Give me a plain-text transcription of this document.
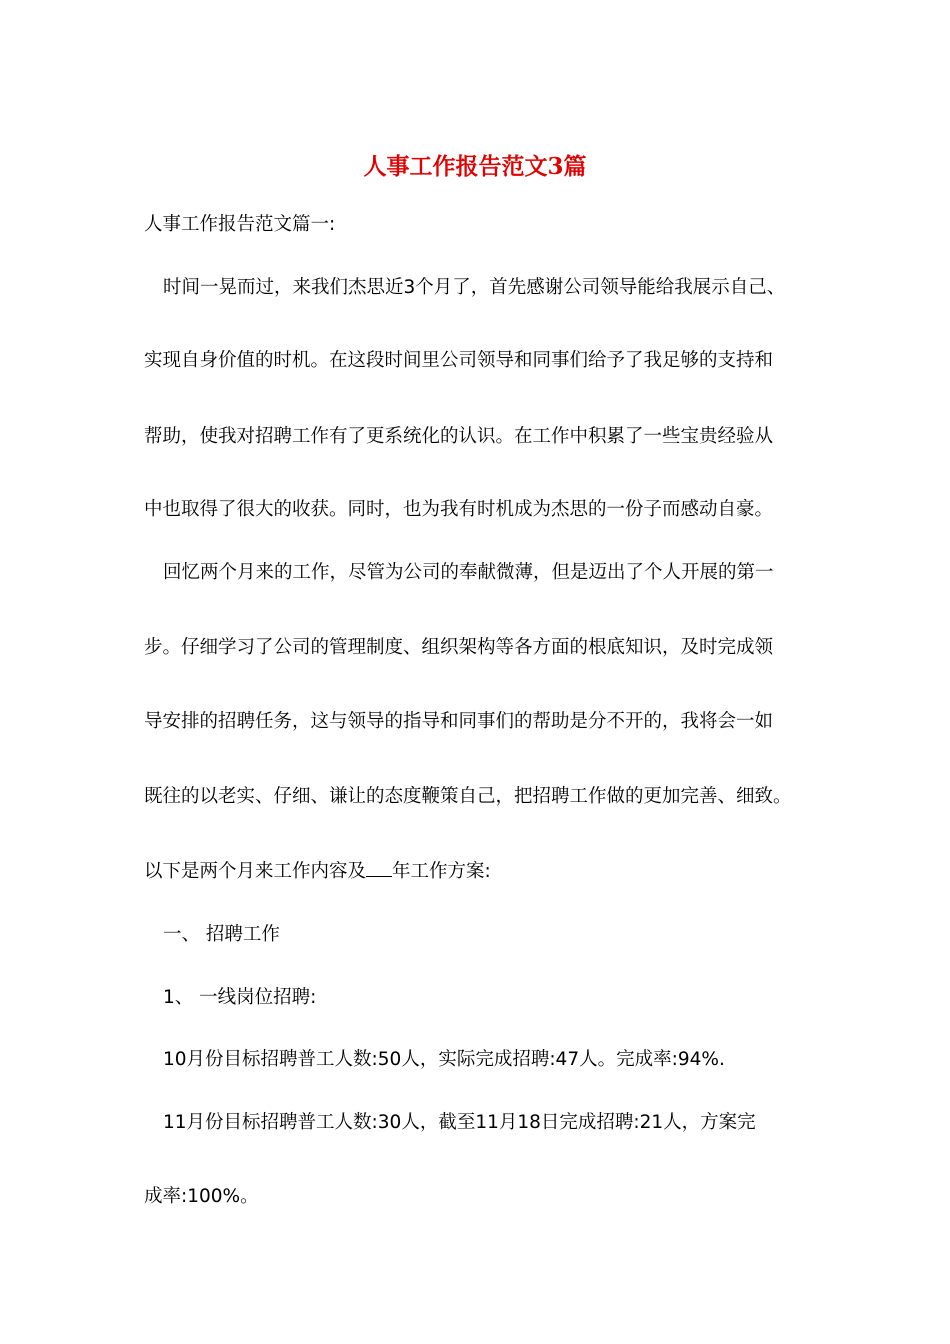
人事工作报告范文3篇
人事工作报告范文篇一:
时间一晃而过，来我们杰思近3个月了，首先感谢公司领导能给我展示自己、
实现自身价值的时机。在这段时间里公司领导和同事们给予了我足够的支持和
帮助，使我对招聘工作有了更系统化的认识。在工作中积累了一些宝贵经验从
中也取得了很大的收获。同时，也为我有时机成为杰思的一份子而感动自豪。
回忆两个月来的工作，尽管为公司的奉献微薄，但是迈出了个人开展的第一
步。仔细学习了公司的管理制度、组织架构等各方面的根底知识，及时完成领
导安排的招聘任务，这与领导的指导和同事们的帮助是分不开的，我将会一如
既往的以老实、仔细、谦让的态度鞭策自己，把招聘工作做的更加完善、细致。
以下是两个月来工作内容及 年工作方案:
一、 招聘工作
1、 一线岗位招聘:
10月份目标招聘普工人数:50人，实际完成招聘:47人。完成率:94%.
11月份目标招聘普工人数:30人，截至11月18日完成招聘:21人，方案完
成率:100%。
